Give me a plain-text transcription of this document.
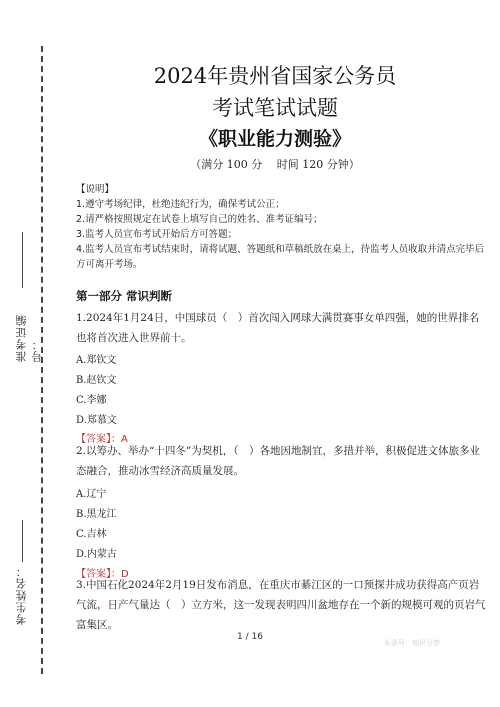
准考证编号：
考生姓名：
2024年贵州省国家公务员
考试笔试试题
《职业能力测验》
（满分 100 分　 时间 120 分钟）
【说明】
1.遵守考场纪律，杜绝违纪行为，确保考试公正；
2.请严格按照规定在试卷上填写自己的姓名、准考证编号；
3.监考人员宣布考试开始后方可答题；
4.监考人员宣布考试结束时，请将试题、答题纸和草稿纸放在桌上，待监考人员收取并清点完毕后方可离开考场。
第一部分 常识判断
1.2024年1月24日，中国球员（　）首次闯入网球大满贯赛事女单四强，她的世界排名也将首次进入世界前十。
A.郑钦文
B.赵钦文
C.李娜
D.郑慕文
【答案】：A
2.以筹办、举办“十四冬”为契机，（　）各地因地制宜，多措并举，积极促进文体旅多业态融合，推动冰雪经济高质量发展。
A.辽宁
B.黑龙江
C.吉林
D.内蒙古
【答案】：D
3.中国石化2024年2月19日发布消息，在重庆市綦江区的一口预探井成功获得高产页岩气流，日产气量达（　）立方米，这一发现表明四川盆地存在一个新的规模可观的页岩气富集区。
1 / 16
头条号：知识分享
